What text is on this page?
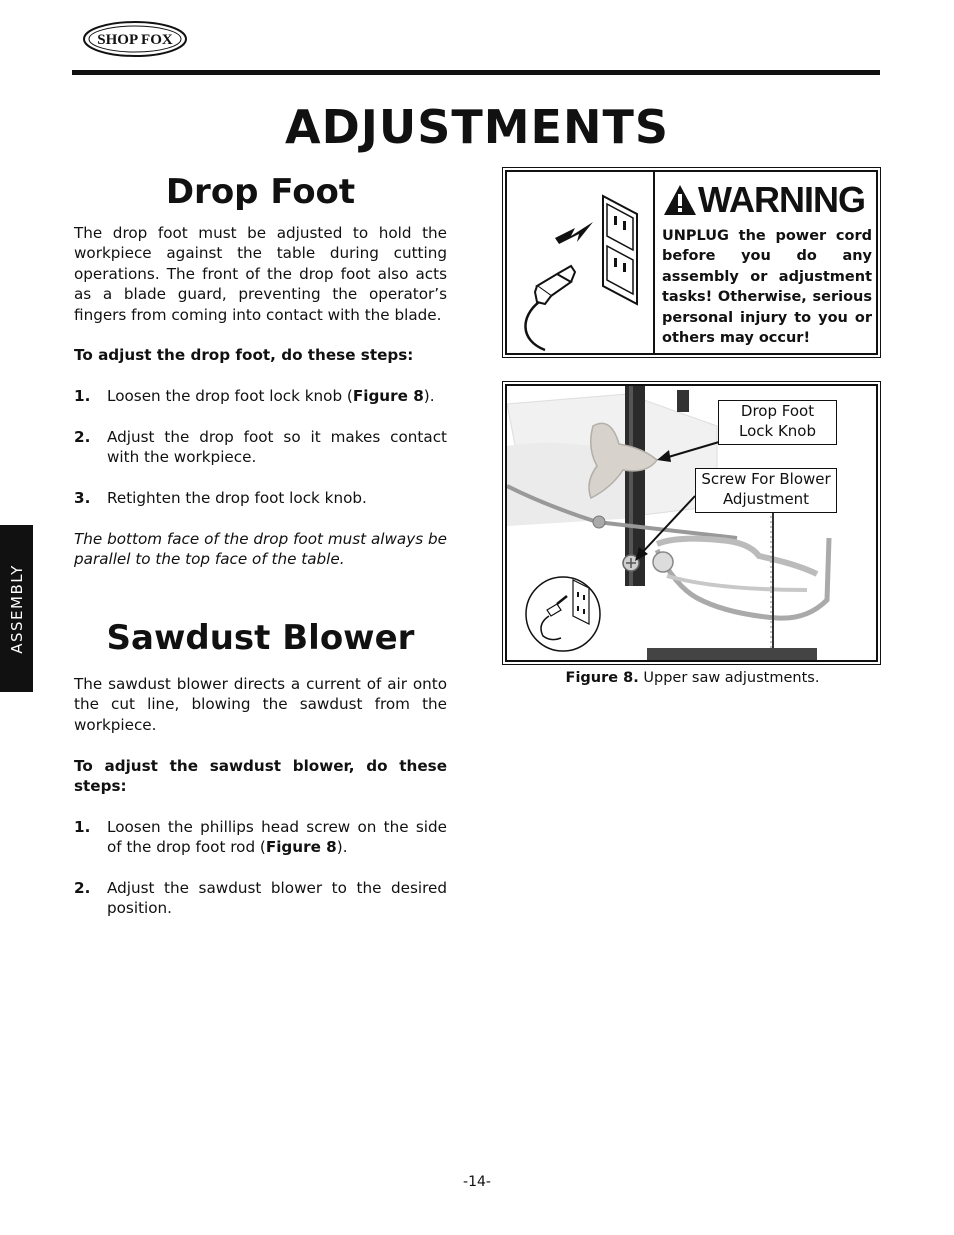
SHOP FOX
ADJUSTMENTS
ASSEMBLY
Drop Foot

The drop foot must be adjusted to hold the workpiece against the table during cutting operations. The front of the drop foot also acts as a blade guard, preventing the operator’s fingers from coming into contact with the blade.

To adjust the drop foot, do these steps:

1. Loosen the drop foot lock knob (Figure 8).
2. Adjust the drop foot so it makes contact with the workpiece.
3. Retighten the drop foot lock knob.

The bottom face of the drop foot must always be parallel to the top face of the table.

Sawdust Blower

The sawdust blower directs a current of air onto the cut line, blowing the sawdust from the workpiece.

To adjust the sawdust blower, do these steps:

1. Loosen the phillips head screw on the side of the drop foot rod (Figure 8).
2. Adjust the sawdust blower to the desired position.
WARNING
UNPLUG the power cord before you do any assembly or adjustment tasks! Otherwise, serious personal injury to you or others may occur!
Drop Foot
Lock Knob
Screw For Blower
Adjustment
Figure 8. Upper saw adjustments.
-14-
